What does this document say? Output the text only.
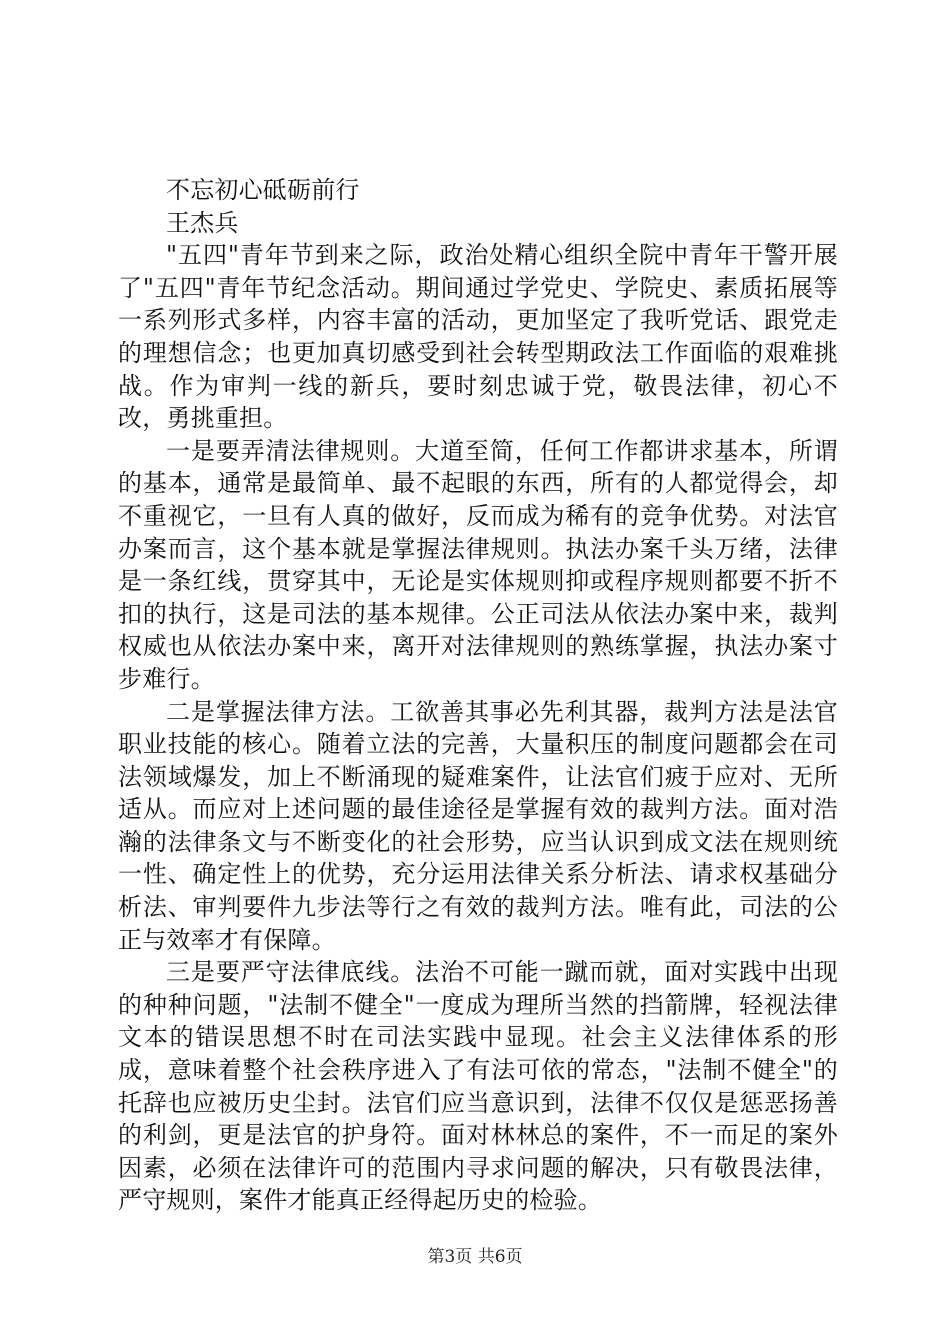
不忘初心砥砺前行

王杰兵

"五四"青年节到来之际，政治处精心组织全院中青年干警开展了"五四"青年节纪念活动。期间通过学党史、学院史、素质拓展等一系列形式多样，内容丰富的活动，更加坚定了我听党话、跟党走的理想信念；也更加真切感受到社会转型期政法工作面临的艰难挑战。作为审判一线的新兵，要时刻忠诚于党，敬畏法律，初心不改，勇挑重担。

一是要弄清法律规则。大道至简，任何工作都讲求基本，所谓的基本，通常是最简单、最不起眼的东西，所有的人都觉得会，却不重视它，一旦有人真的做好，反而成为稀有的竞争优势。对法官办案而言，这个基本就是掌握法律规则。执法办案千头万绪，法律是一条红线，贯穿其中，无论是实体规则抑或程序规则都要不折不扣的执行，这是司法的基本规律。公正司法从依法办案中来，裁判权威也从依法办案中来，离开对法律规则的熟练掌握，执法办案寸步难行。

二是掌握法律方法。工欲善其事必先利其器，裁判方法是法官职业技能的核心。随着立法的完善，大量积压的制度问题都会在司法领域爆发，加上不断涌现的疑难案件，让法官们疲于应对、无所适从。而应对上述问题的最佳途径是掌握有效的裁判方法。面对浩瀚的法律条文与不断变化的社会形势，应当认识到成文法在规则统一性、确定性上的优势，充分运用法律关系分析法、请求权基础分析法、审判要件九步法等行之有效的裁判方法。唯有此，司法的公正与效率才有保障。

三是要严守法律底线。法治不可能一蹴而就，面对实践中出现的种种问题，"法制不健全"一度成为理所当然的挡箭牌，轻视法律文本的错误思想不时在司法实践中显现。社会主义法律体系的形成，意味着整个社会秩序进入了有法可依的常态，"法制不健全"的托辞也应被历史尘封。法官们应当意识到，法律不仅仅是惩恶扬善的利剑，更是法官的护身符。面对林林总的案件，不一而足的案外因素，必须在法律许可的范围内寻求问题的解决，只有敬畏法律，严守规则，案件才能真正经得起历史的检验。

第3页 共6页
